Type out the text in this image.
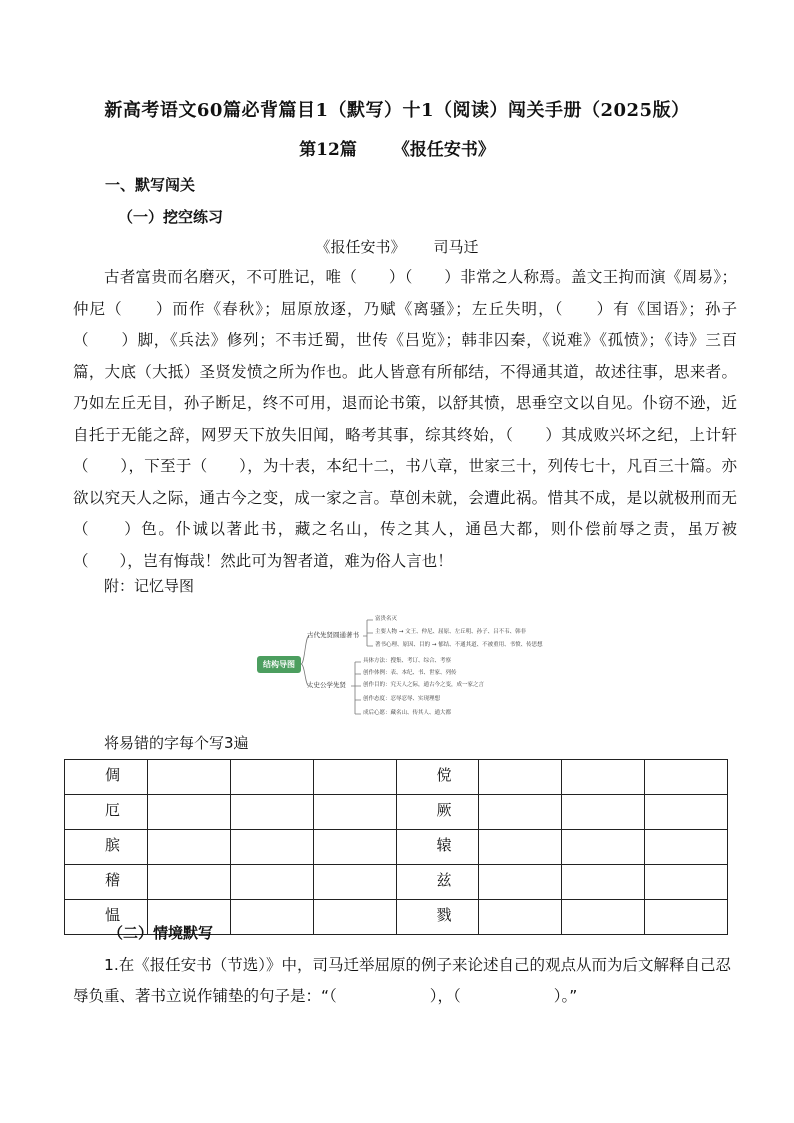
新高考语文60篇必背篇目1（默写）十1（阅读）闯关手册（2025版）
第12篇 《报任安书》
一、默写闯关
（一）挖空练习
《报任安书》 司马迁
古者富贵而名磨灭，不可胜记，唯（　　）（　　）非常之人称焉。盖文王拘而演《周易》；仲尼（　　）而作《春秋》；屈原放逐，乃赋《离骚》；左丘失明，（　　）有《国语》；孙子（　　）脚，《兵法》修列；不韦迁蜀，世传《吕览》；韩非囚秦，《说难》《孤愤》；《诗》三百篇，大底（大抵）圣贤发愤之所为作也。此人皆意有所郁结，不得通其道，故述往事，思来者。乃如左丘无目，孙子断足，终不可用，退而论书策，以舒其愤，思垂空文以自见。仆窃不逊，近自托于无能之辞，网罗天下放失旧闻，略考其事，综其终始，（　　）其成败兴坏之纪，上计轩（　　），下至于（　　），为十表，本纪十二，书八章，世家三十，列传七十，凡百三十篇。亦欲以究天人之际，通古今之变，成一家之言。草创未就，会遭此祸。惜其不成，是以就极刑而无（　　）色。仆诚以著此书，藏之名山，传之其人，通邑大都，则仆偿前辱之责，虽万被（　　），岂有悔哉！然此可为智者道，难为俗人言也！
附：记忆导图
结构导图
古代先贤圆通著书
富贵名灭
主要人物 → 文王、仲尼、屈原、左丘明、孙子、吕不韦、韩非
著书心理、原因、目的 → 郁结、不通其道、不被重用、书愤、传思想
太史公学先贤
具体方法：搜集、考订、综合、考察
创作体例：表、本纪、书、世家、列传
创作目的：究天人之际，通古今之变，成一家之言
创作态度：忍辱忍辱、实现理想
成后心愿：藏名山、传其人、通大都
将易错的字每个写3遍
倜				傥			
厄				厥			
膑				辕			
稽				兹			
愠				戮			
（二）情境默写
1.在《报任安书（节选）》中，司马迁举屈原的例子来论述自己的观点从而为后文解释自己忍辱负重、著书立说作铺垫的句子是：“（　　　　　　），（　　　　　　）。”
